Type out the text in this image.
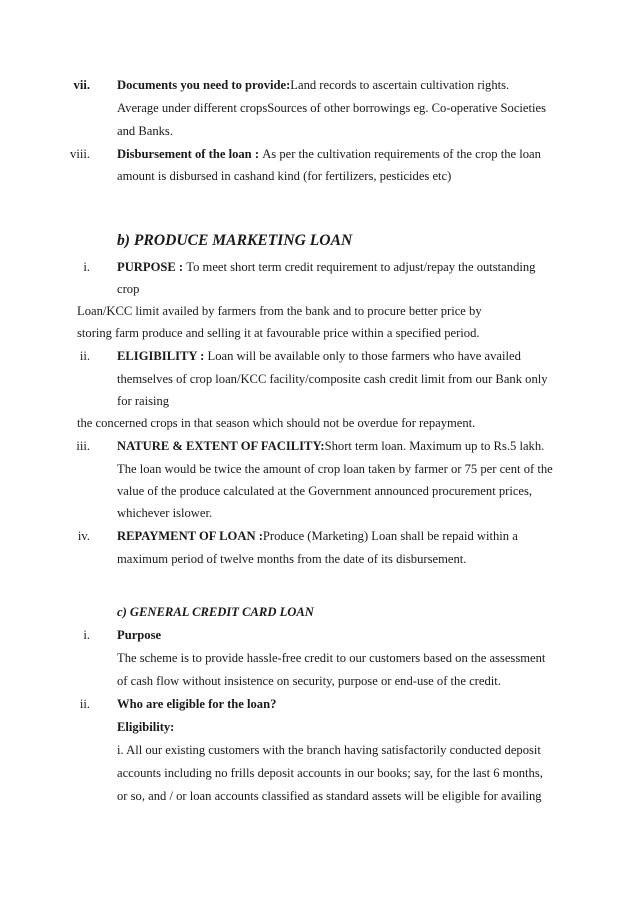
vii. Documents you need to provide:Land records to ascertain cultivation rights.
Average under different cropsSources of other borrowings eg. Co-operative Societies
and Banks.
viii. Disbursement of the loan : As per the cultivation requirements of the crop the loan
amount is disbursed in cashand kind (for fertilizers, pesticides etc)
b) PRODUCE MARKETING LOAN
i. PURPOSE : To meet short term credit requirement to adjust/repay the outstanding
crop
Loan/KCC limit availed by farmers from the bank and to procure better price by
storing farm produce and selling it at favourable price within a specified period.
ii. ELIGIBILITY : Loan will be available only to those farmers who have availed
themselves of crop loan/KCC facility/composite cash credit limit from our Bank only
for raising
the concerned crops in that season which should not be overdue for repayment.
iii. NATURE & EXTENT OF FACILITY:Short term loan. Maximum up to Rs.5 lakh.
The loan would be twice the amount of crop loan taken by farmer or 75 per cent of the
value of the produce calculated at the Government announced procurement prices,
whichever islower.
iv. REPAYMENT OF LOAN :Produce (Marketing) Loan shall be repaid within a
maximum period of twelve months from the date of its disbursement.
c) GENERAL CREDIT CARD LOAN
i. Purpose
The scheme is to provide hassle-free credit to our customers based on the assessment
of cash flow without insistence on security, purpose or end-use of the credit.
ii. Who are eligible for the loan?
Eligibility:
i. All our existing customers with the branch having satisfactorily conducted deposit
accounts including no frills deposit accounts in our books; say, for the last 6 months,
or so, and / or loan accounts classified as standard assets will be eligible for availing
